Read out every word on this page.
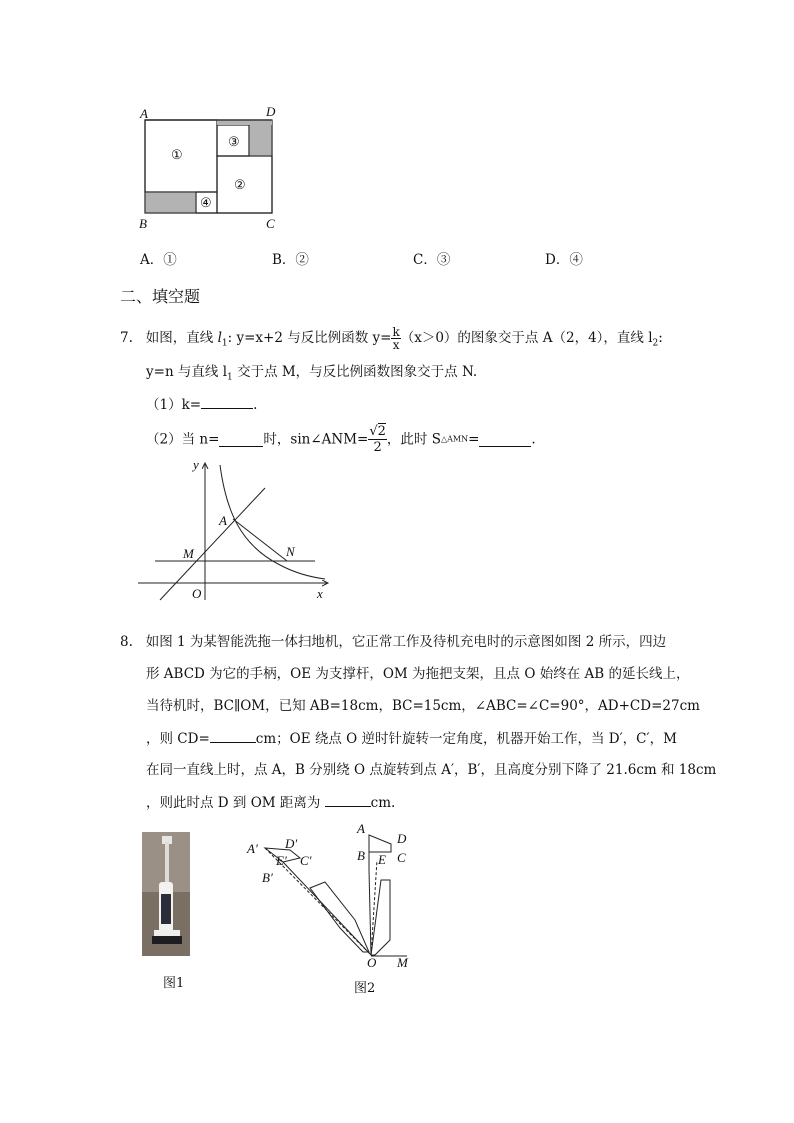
A	D
B	C
①
③
②
④
A．①	B．②	C．③	D．④
二、填空题
7. 如图，直线 $l_1$: y=x+2 与反比例函数 $y= \frac{k}{x} (x>0)$的图象交于点 A（2，4），直线 $l_2$:
y=n 与直线 $l_1$ 交于点 M，与反比例函数图象交于点 N.
（1）k=	.
（2）当 n=	时，sin∠ANM= $\frac{√2}{2}$ ，此时 S△AMN=	.
y
x
O
A
M	N
8. 如图 1 为某智能洗拖一体扫地机，它正常工作及待机充电时的示意图如图 2 所示，四边
形 ABCD 为它的手柄，OE 为支撑杆，OM 为拖把支架，且点 O 始终在 AB 的延长线上，
当待机时，BC∥OM，已知 AB=18cm，BC=15cm，∠ABC=∠C=90°，AD+CD=27cm
，则 CD=	cm；OE 绕点 O 逆时针旋转一定角度，机器开始工作，当 D′，C′，M
在同一直线上时，点 A，B 分别绕 O 点旋转到点 A′，B′，且高度分别下降了 21.6cm 和 18cm
，则此时点 D 到 OM 距离为	cm.
图1
A
D
B C
E
A′ D′
E′ C′
B′
O M
图2
